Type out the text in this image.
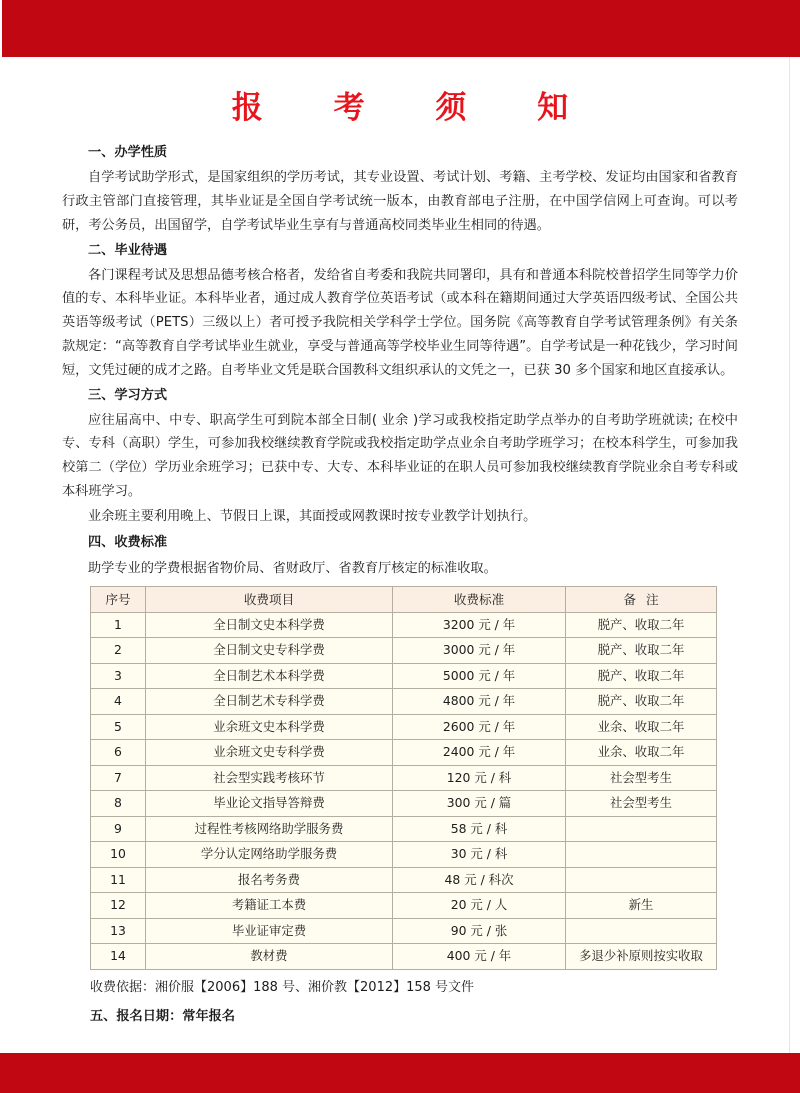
报 考 须 知

一、办学性质

自学考试助学形式，是国家组织的学历考试，其专业设置、考试计划、考籍、主考学校、发证均由国家和省教育行政主管部门直接管理，其毕业证是全国自学考试统一版本，由教育部电子注册，在中国学信网上可查询。可以考研，考公务员，出国留学，自学考试毕业生享有与普通高校同类毕业生相同的待遇。

二、毕业待遇

各门课程考试及思想品德考核合格者，发给省自考委和我院共同署印，具有和普通本科院校普招学生同等学力价值的专、本科毕业证。本科毕业者，通过成人教育学位英语考试（或本科在籍期间通过大学英语四级考试、全国公共英语等级考试（PETS）三级以上）者可授予我院相关学科学士学位。国务院《高等教育自学考试管理条例》有关条款规定：“高等教育自学考试毕业生就业，享受与普通高等学校毕业生同等待遇”。自学考试是一种花钱少，学习时间短，文凭过硬的成才之路。自考毕业文凭是联合国教科文组织承认的文凭之一，已获 30 多个国家和地区直接承认。

三、学习方式

应往届高中、中专、职高学生可到院本部全日制( 业余 )学习或我校指定助学点举办的自考助学班就读; 在校中专、专科（高职）学生，可参加我校继续教育学院或我校指定助学点业余自考助学班学习；在校本科学生，可参加我校第二（学位）学历业余班学习；已获中专、大专、本科毕业证的在职人员可参加我校继续教育学院业余自考专科或本科班学习。

业余班主要利用晚上、节假日上课，其面授或网教课时按专业教学计划执行。

四、收费标准

助学专业的学费根据省物价局、省财政厅、省教育厅核定的标准收取。

序号	收费项目	收费标准	备 注
1	全日制文史本科学费	3200 元 / 年	脱产、收取二年
2	全日制文史专科学费	3000 元 / 年	脱产、收取二年
3	全日制艺术本科学费	5000 元 / 年	脱产、收取二年
4	全日制艺术专科学费	4800 元 / 年	脱产、收取二年
5	业余班文史本科学费	2600 元 / 年	业余、收取二年
6	业余班文史专科学费	2400 元 / 年	业余、收取二年
7	社会型实践考核环节	120 元 / 科	社会型考生
8	毕业论文指导答辩费	300 元 / 篇	社会型考生
9	过程性考核网络助学服务费	58 元 / 科	
10	学分认定网络助学服务费	30 元 / 科	
11	报名考务费	48 元 / 科次	
12	考籍证工本费	20 元 / 人	新生
13	毕业证审定费	90 元 / 张	
14	教材费	400 元 / 年	多退少补原则按实收取

收费依据：湘价服【2006】188 号、湘价教【2012】158 号文件

五、报名日期：常年报名
